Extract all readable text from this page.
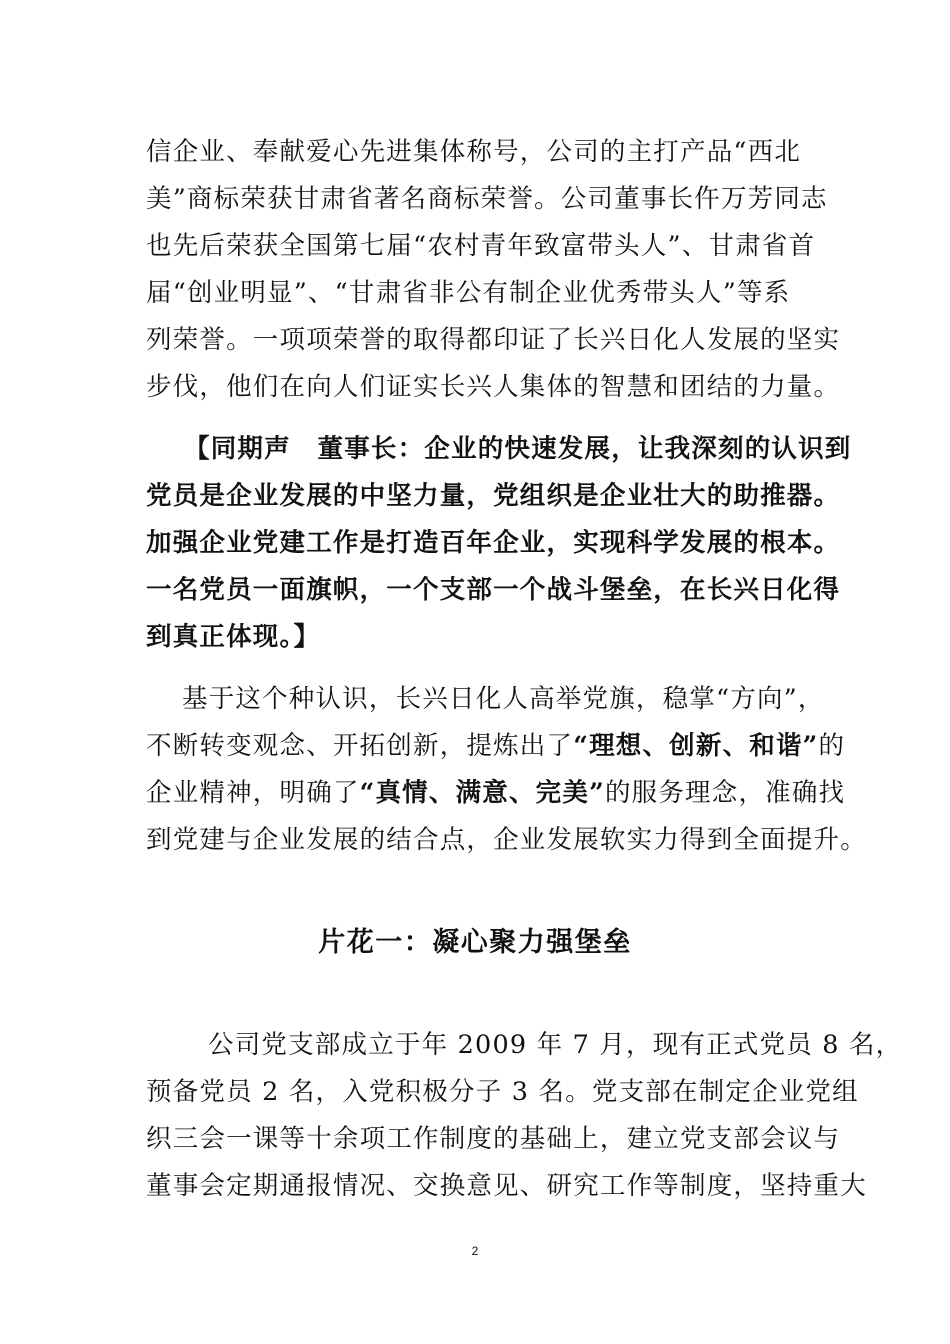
信企业、奉献爱心先进集体称号，公司的主打产品“西北
美”商标荣获甘肃省著名商标荣誉。公司董事长仵万芳同志
也先后荣获全国第七届“农村青年致富带头人”、甘肃省首
届“创业明显”、“甘肃省非公有制企业优秀带头人”等系
列荣誉。一项项荣誉的取得都印证了长兴日化人发展的坚实
步伐，他们在向人们证实长兴人集体的智慧和团结的力量。
【同期声　董事长：企业的快速发展，让我深刻的认识到
党员是企业发展的中坚力量，党组织是企业壮大的助推器。
加强企业党建工作是打造百年企业，实现科学发展的根本。
一名党员一面旗帜，一个支部一个战斗堡垒，在长兴日化得
到真正体现。】
基于这个种认识，长兴日化人高举党旗，稳掌“方向”，
不断转变观念、开拓创新，提炼出了“理想、创新、和谐”的
企业精神，明确了“真情、满意、完美”的服务理念，准确找
到党建与企业发展的结合点，企业发展软实力得到全面提升。
片花一：凝心聚力强堡垒
公司党支部成立于年 2009 年 7 月，现有正式党员 8 名，
预备党员 2 名，入党积极分子 3 名。党支部在制定企业党组
织三会一课等十余项工作制度的基础上，建立党支部会议与
董事会定期通报情况、交换意见、研究工作等制度，坚持重大
2
